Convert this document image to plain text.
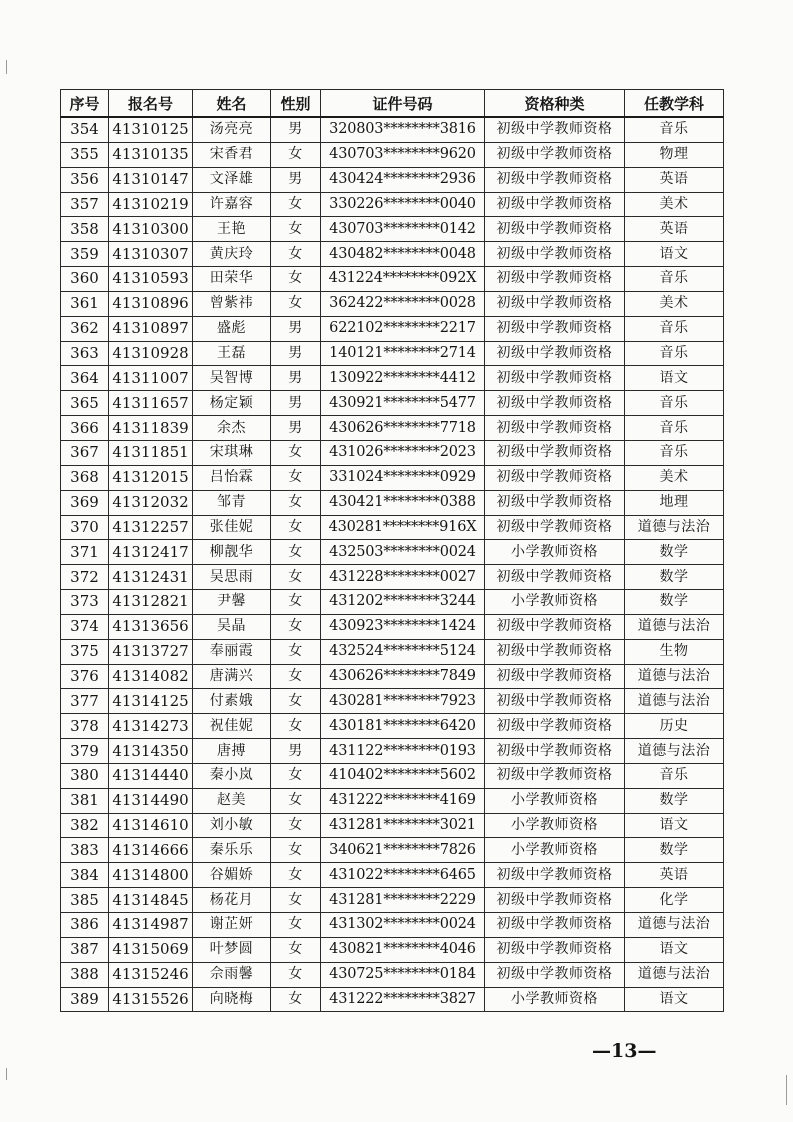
序号	报名号	姓名	性别	证件号码	资格种类	任教学科
354	41310125	汤亮亮	男	320803********3816	初级中学教师资格	音乐
355	41310135	宋香君	女	430703********9620	初级中学教师资格	物理
356	41310147	文泽雄	男	430424********2936	初级中学教师资格	英语
357	41310219	许嘉容	女	330226********0040	初级中学教师资格	美术
358	41310300	王艳	女	430703********0142	初级中学教师资格	英语
359	41310307	黄庆玲	女	430482********0048	初级中学教师资格	语文
360	41310593	田荣华	女	431224********092X	初级中学教师资格	音乐
361	41310896	曾紫祎	女	362422********0028	初级中学教师资格	美术
362	41310897	盛彪	男	622102********2217	初级中学教师资格	音乐
363	41310928	王磊	男	140121********2714	初级中学教师资格	音乐
364	41311007	吴智博	男	130922********4412	初级中学教师资格	语文
365	41311657	杨定颖	男	430921********5477	初级中学教师资格	音乐
366	41311839	余杰	男	430626********7718	初级中学教师资格	音乐
367	41311851	宋琪琳	女	431026********2023	初级中学教师资格	音乐
368	41312015	吕怡霖	女	331024********0929	初级中学教师资格	美术
369	41312032	邹青	女	430421********0388	初级中学教师资格	地理
370	41312257	张佳妮	女	430281********916X	初级中学教师资格	道德与法治
371	41312417	柳靓华	女	432503********0024	小学教师资格	数学
372	41312431	吴思雨	女	431228********0027	初级中学教师资格	数学
373	41312821	尹馨	女	431202********3244	小学教师资格	数学
374	41313656	吴晶	女	430923********1424	初级中学教师资格	道德与法治
375	41313727	奉丽霞	女	432524********5124	初级中学教师资格	生物
376	41314082	唐满兴	女	430626********7849	初级中学教师资格	道德与法治
377	41314125	付素娥	女	430281********7923	初级中学教师资格	道德与法治
378	41314273	祝佳妮	女	430181********6420	初级中学教师资格	历史
379	41314350	唐搏	男	431122********0193	初级中学教师资格	道德与法治
380	41314440	秦小岚	女	410402********5602	初级中学教师资格	音乐
381	41314490	赵美	女	431222********4169	小学教师资格	数学
382	41314610	刘小敏	女	431281********3021	小学教师资格	语文
383	41314666	秦乐乐	女	340621********7826	小学教师资格	数学
384	41314800	谷媚娇	女	431022********6465	初级中学教师资格	英语
385	41314845	杨花月	女	431281********2229	初级中学教师资格	化学
386	41314987	谢芷妍	女	431302********0024	初级中学教师资格	道德与法治
387	41315069	叶梦圆	女	430821********4046	初级中学教师资格	语文
388	41315246	佘雨馨	女	430725********0184	初级中学教师资格	道德与法治
389	41315526	向晓梅	女	431222********3827	小学教师资格	语文
—13—
